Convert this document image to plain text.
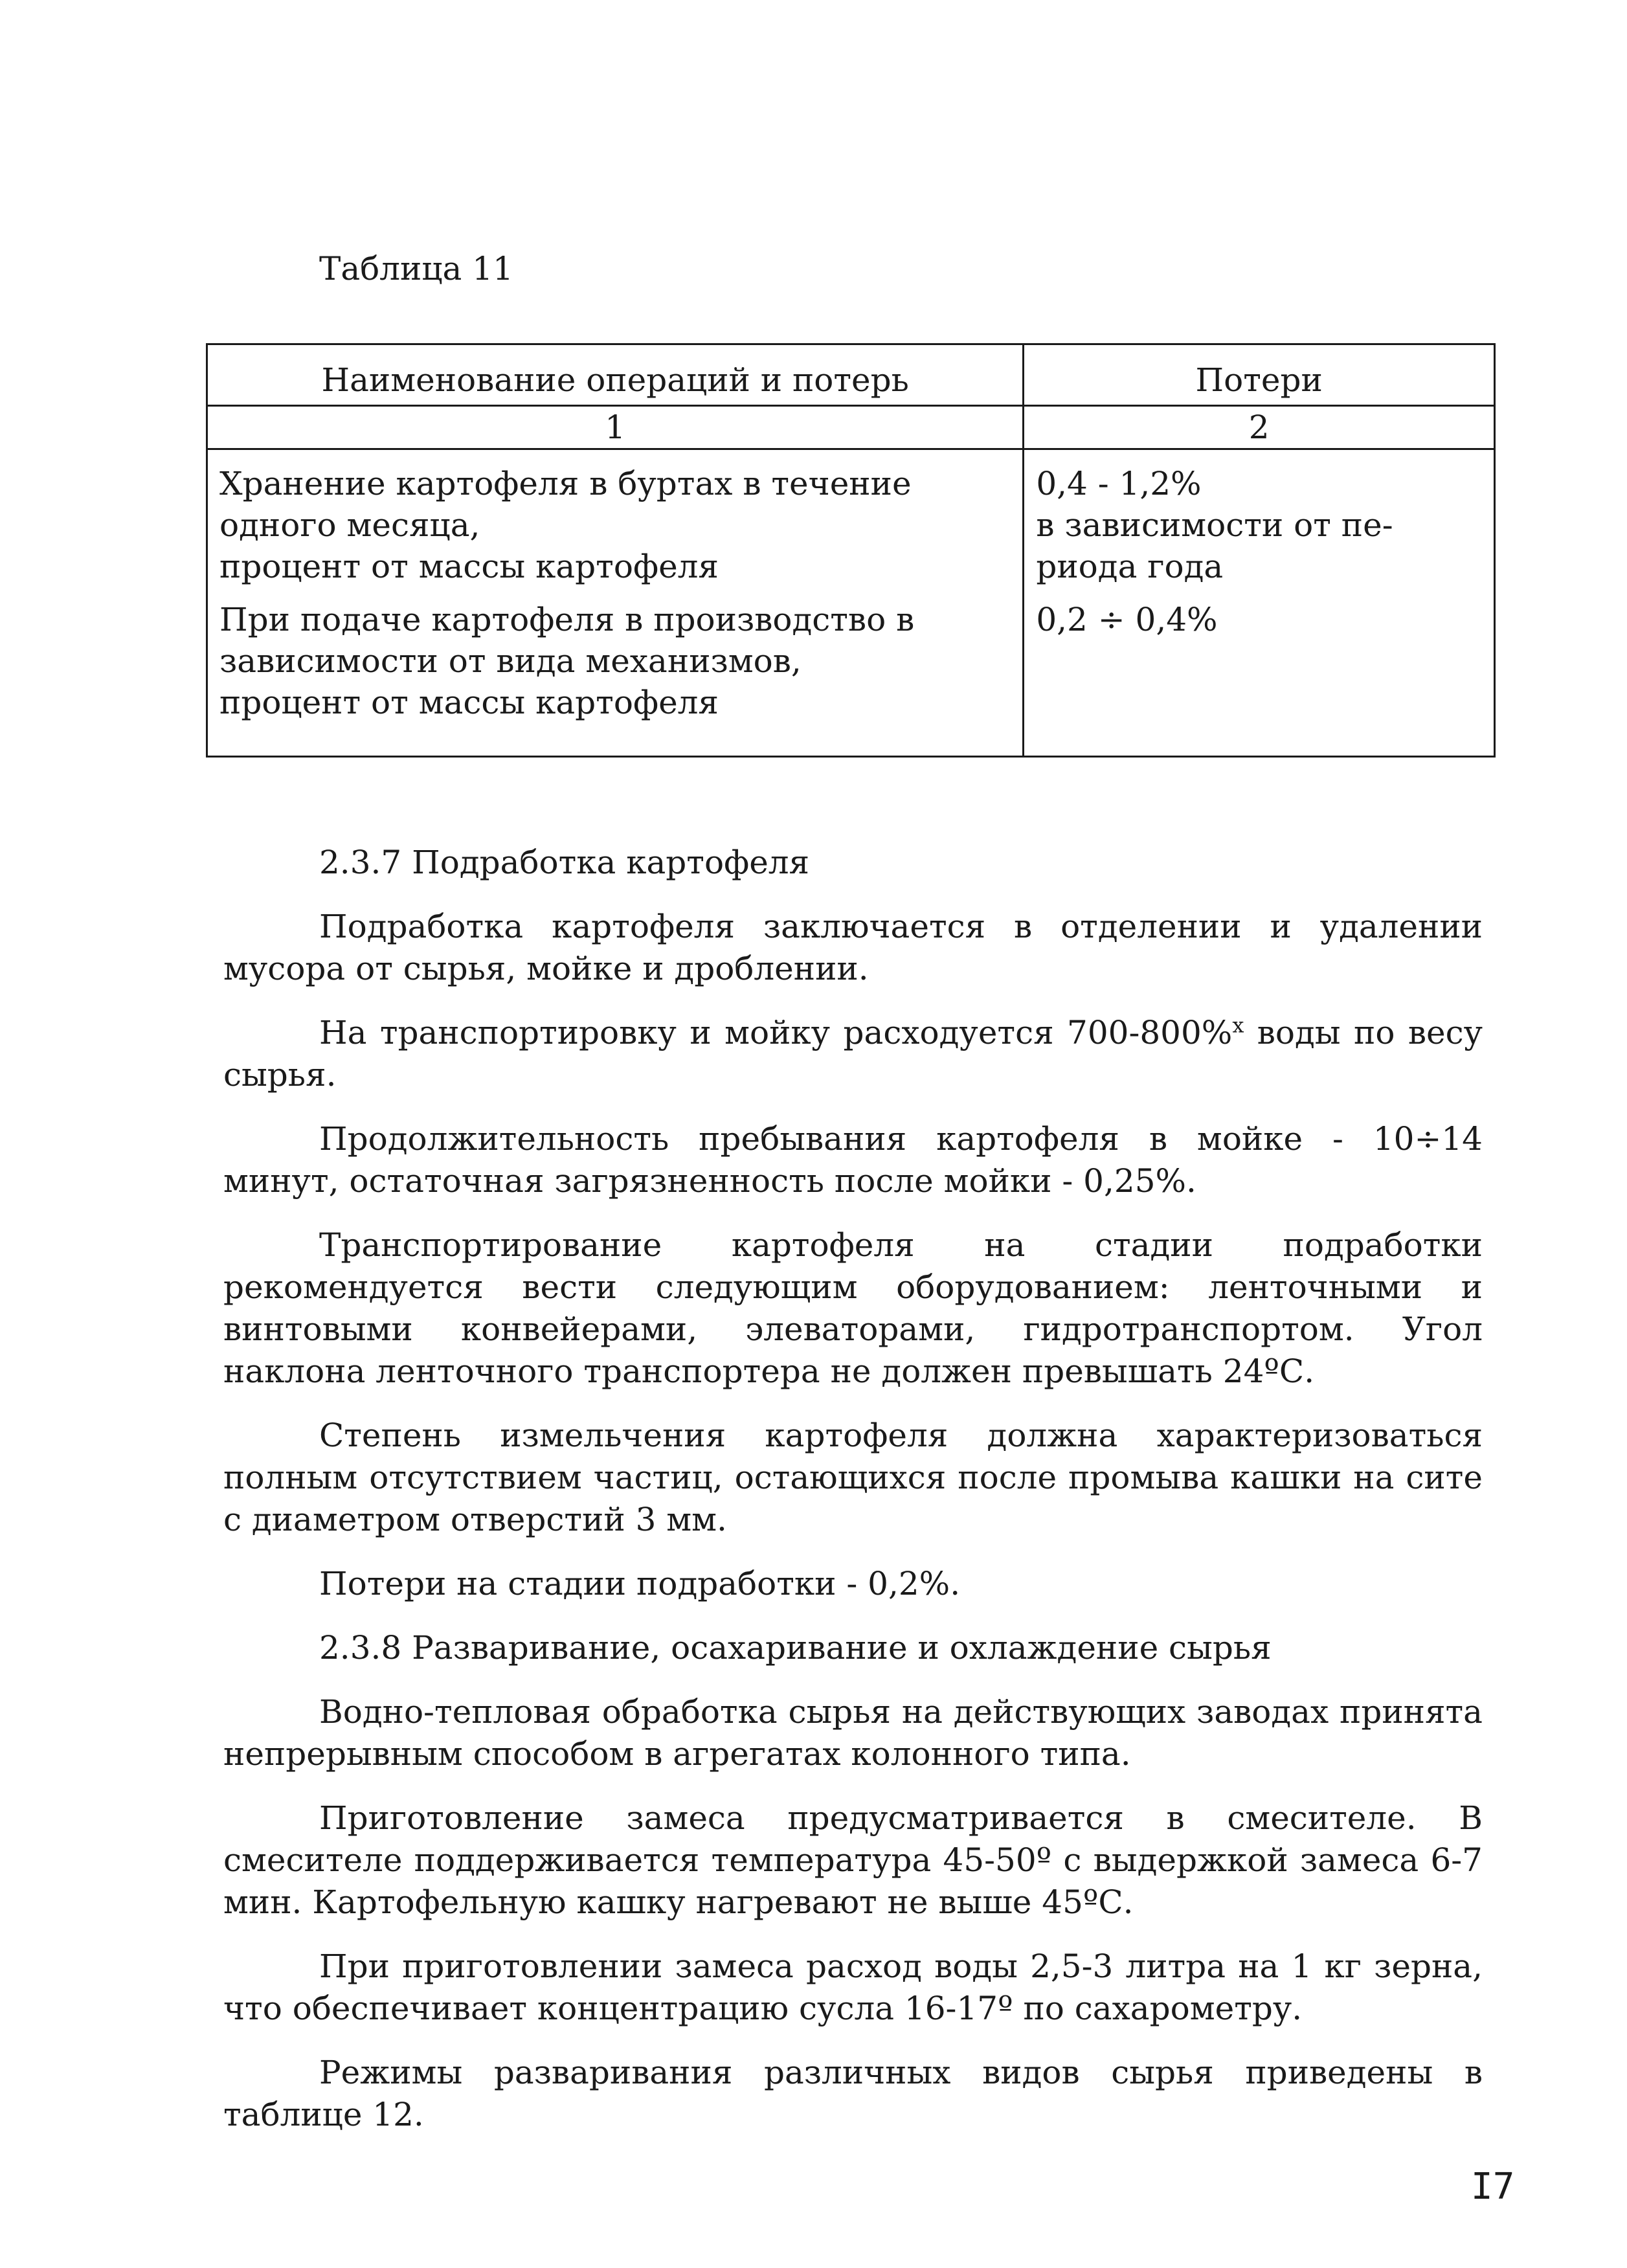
Таблица 11
Наименование операций и потерь	Потери
1	2

Хранение картофеля в буртах в течение
одного месяца,
процент от массы картофеля	0,4 - 1,2%
в зависимости от пе-
риода года

При подаче картофеля в производство в
зависимости от вида механизмов,
процент от массы картофеля	0,2 ÷ 0,4%

2.3.7 Подработка картофеля

Подработка картофеля заключается в отделении и удалении мусора от сырья, мойке и дроблении.

На транспортировку и мойку расходуется 700-800%$^х$ воды по весу сырья.

Продолжительность пребывания картофеля в мойке - 10÷14 минут, остаточная загрязненность после мойки - 0,25%.

Транспортирование картофеля на стадии подработки рекомендуется вести следующим оборудованием: ленточными и винтовыми конвейерами, элеваторами, гидротранспортом. Угол наклона ленточного транспортера не должен превышать 24ºС.

Степень измельчения картофеля должна характеризоваться полным отсутствием частиц, остающихся после промыва кашки на сите с диаметром отверстий 3 мм.

Потери на стадии подработки - 0,2%.

2.3.8 Разваривание, осахаривание и охлаждение сырья

Водно-тепловая обработка сырья на действующих заводах принята непрерывным способом в агрегатах колонного типа.

Приготовление замеса предусматривается в смесителе. В смесителе поддерживается температура 45-50º с выдержкой замеса 6-7 мин. Картофельную кашку нагревают не выше 45ºС.

При приготовлении замеса расход воды 2,5-3 литра на 1 кг зерна, что обеспечивает концентрацию сусла 16-17º по сахарометру.

Режимы разваривания различных видов сырья приведены в таблице 12.

I7
